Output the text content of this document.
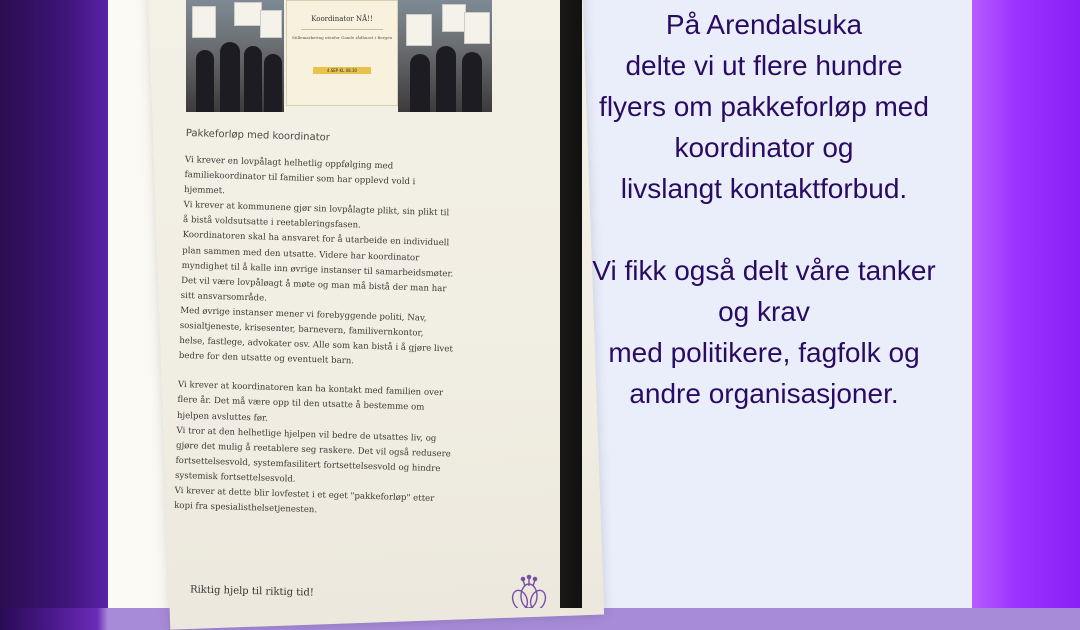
Koordinator NÅ!!
Stillemarkering utenfor Gamle rådhuset i Bergen
4.SEP KL 08.30
Pakkeforløp med koordinator

Vi krever en lovpålagt helhetlig oppfølging med
familiekoordinator til familier som har opplevd vold i
hjemmet.
Vi krever at kommunene gjør sin lovpålagte plikt, sin plikt til
å bistå voldsutsatte i reetableringsfasen.
Koordinatoren skal ha ansvaret for å utarbeide en individuell
plan sammen med den utsatte. Videre har koordinator
myndighet til å kalle inn øvrige instanser til samarbeidsmøter.
Det vil være lovpåløagt å møte og man må bistå der man har
sitt ansvarsområde.
Med øvrige instanser mener vi forebyggende politi, Nav,
sosialtjeneste, krisesenter, barnevern, familivernkontor,
helse, fastlege, advokater osv. Alle som kan bistå i å gjøre livet
bedre for den utsatte og eventuelt barn.

Vi krever at koordinatoren kan ha kontakt med familien over
flere år. Det må være opp til den utsatte å bestemme om
hjelpen avsluttes før.
Vi tror at den helhetlige hjelpen vil bedre de utsattes liv, og
gjøre det mulig å reetablere seg raskere. Det vil også redusere
fortsettelsesvold, systemfasilitert fortsettelsesvold og hindre
systemisk fortsettelsesvold.
Vi krever at dette blir lovfestet i et eget "pakkeforløp" etter
kopi fra spesialisthelsetjenesten.

Riktig hjelp til riktig tid!
På Arendalsuka
delte vi ut flere hundre
flyers om pakkeforløp med
koordinator og
livslangt kontaktforbud.
Vi fikk også delt våre tanker
og krav
med politikere, fagfolk og
andre organisasjoner.
